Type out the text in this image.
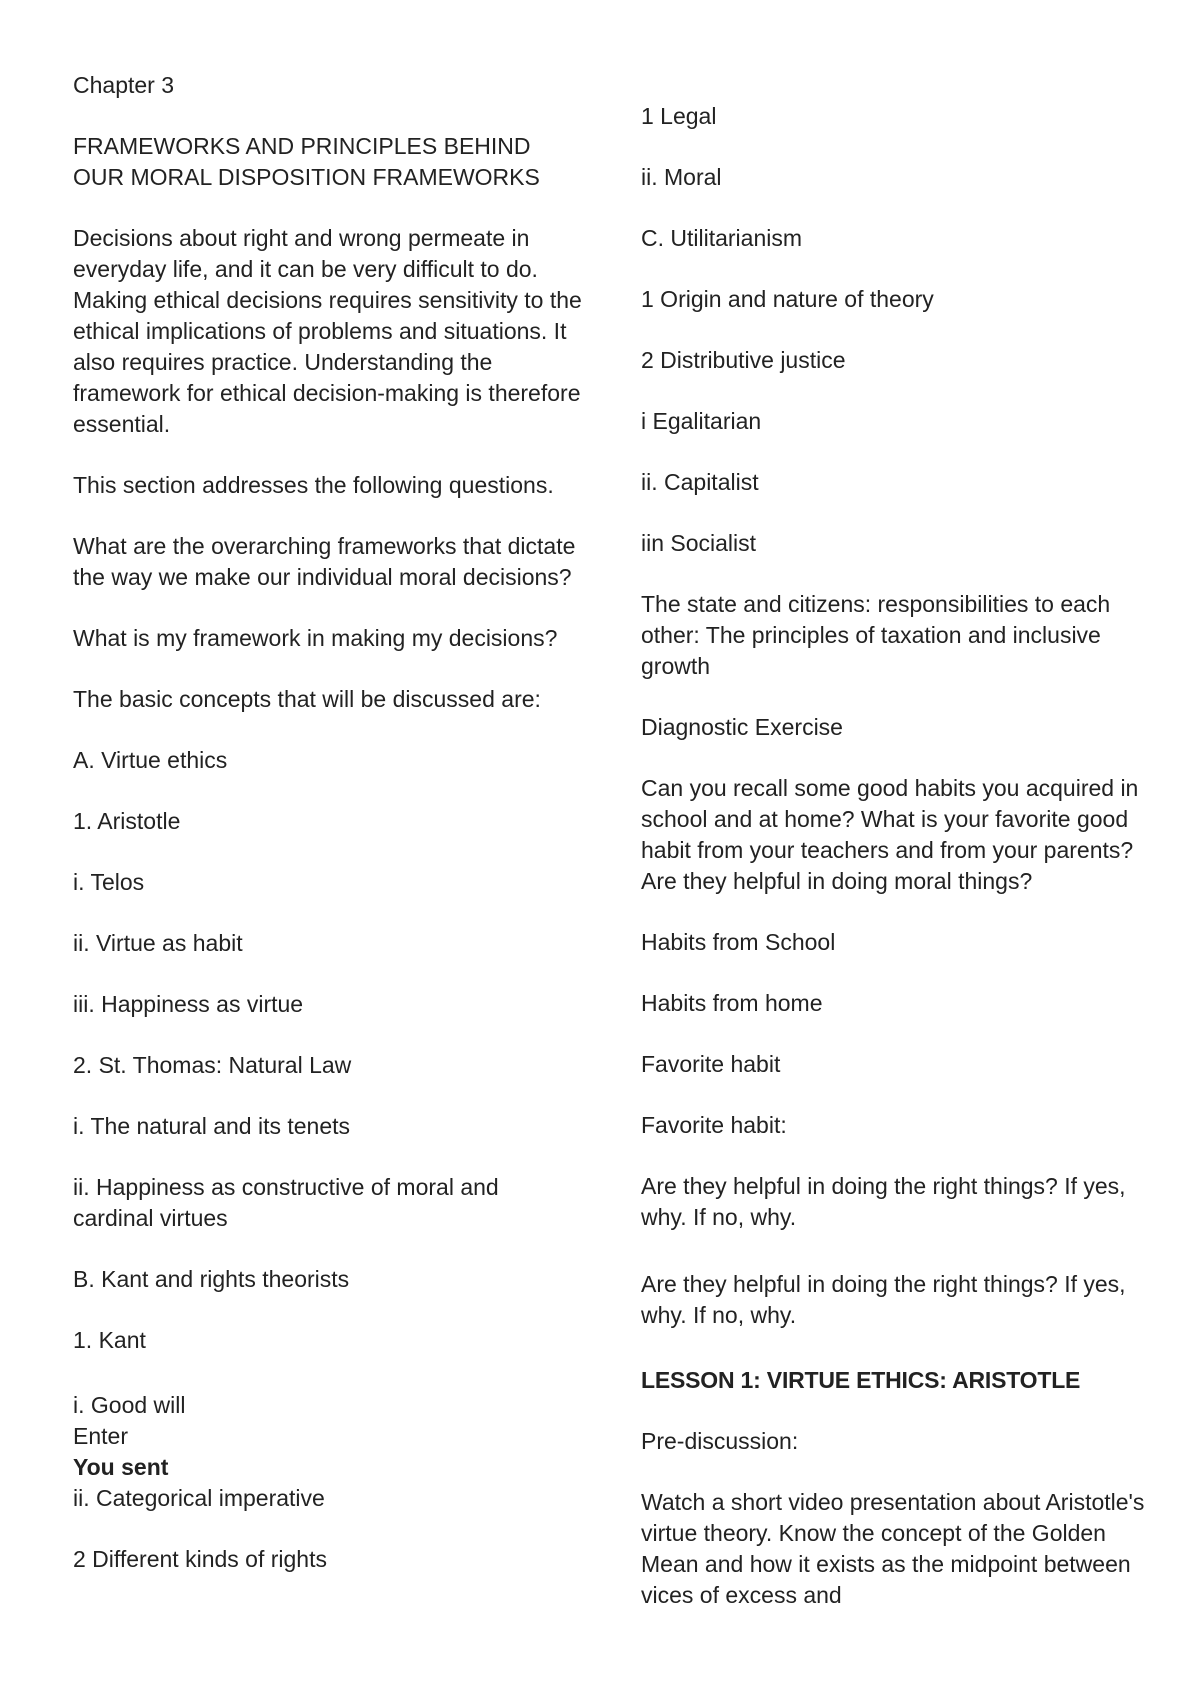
Chapter 3

FRAMEWORKS AND PRINCIPLES BEHIND
OUR MORAL DISPOSITION FRAMEWORKS

Decisions about right and wrong permeate in everyday life, and it can be very difficult to do. Making ethical decisions requires sensitivity to the ethical implications of problems and situations. It also requires practice. Understanding the framework for ethical decision-making is therefore essential.

This section addresses the following questions.

What are the overarching frameworks that dictate the way we make our individual moral decisions?

What is my framework in making my decisions?

The basic concepts that will be discussed are:

A. Virtue ethics

1. Aristotle

i. Telos

ii. Virtue as habit

iii. Happiness as virtue

2. St. Thomas: Natural Law

i. The natural and its tenets

ii. Happiness as constructive of moral and cardinal virtues

B. Kant and rights theorists

1. Kant

i. Good will

Enter

You sent

ii. Categorical imperative

2 Different kinds of rights

1 Legal

ii. Moral

C. Utilitarianism

1 Origin and nature of theory

2 Distributive justice

i Egalitarian

ii. Capitalist

iin Socialist

The state and citizens: responsibilities to each other: The principles of taxation and inclusive growth

Diagnostic Exercise

Can you recall some good habits you acquired in school and at home? What is your favorite good habit from your teachers and from your parents? Are they helpful in doing moral things?

Habits from School

Habits from home

Favorite habit

Favorite habit:

Are they helpful in doing the right things? If yes, why. If no, why.

Are they helpful in doing the right things? If yes, why. If no, why.

LESSON 1: VIRTUE ETHICS: ARISTOTLE

Pre-discussion:

Watch a short video presentation about Aristotle's virtue theory. Know the concept of the Golden Mean and how it exists as the midpoint between vices of excess and
